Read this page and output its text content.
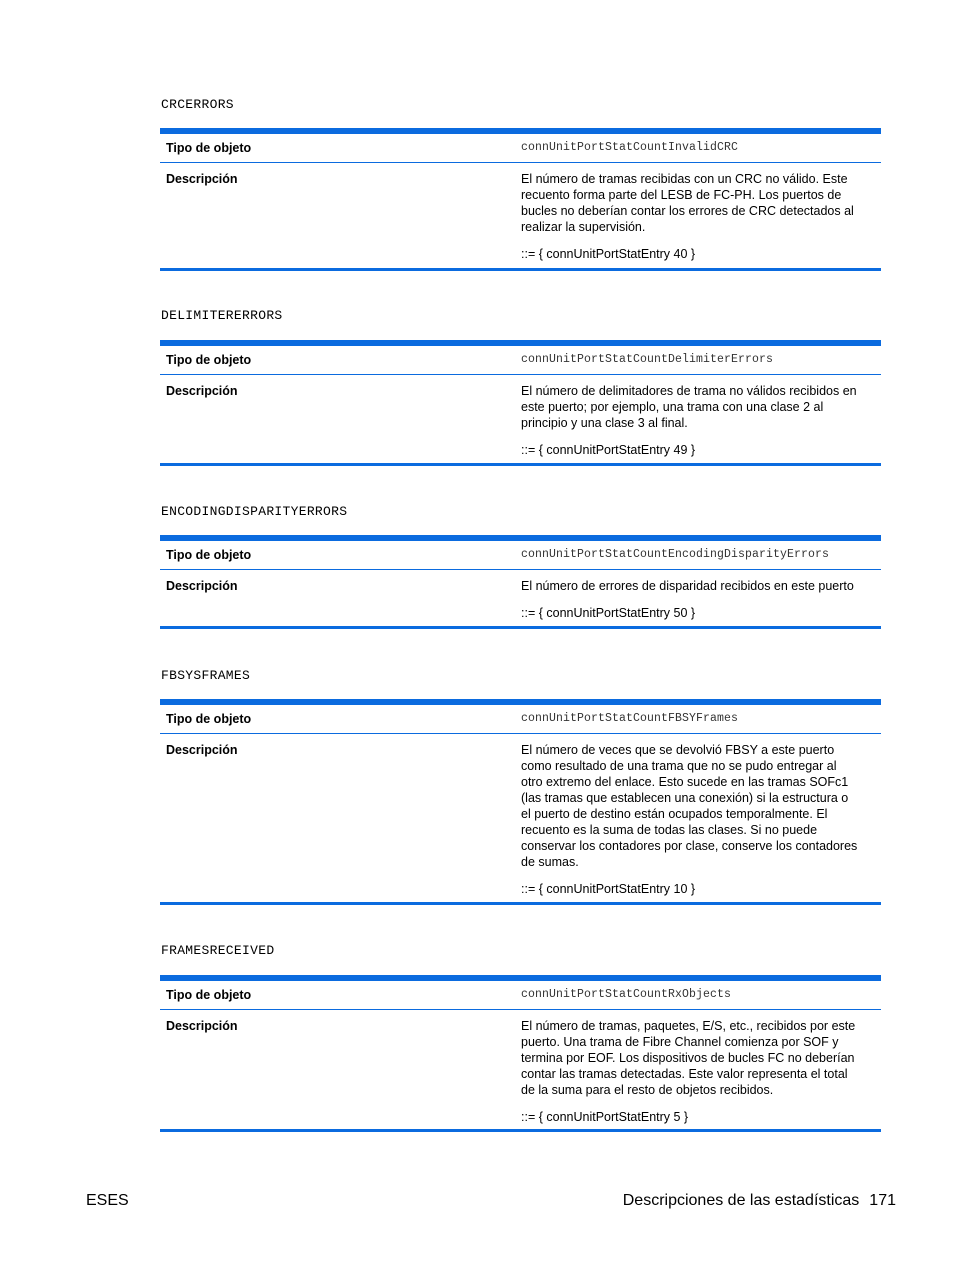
CRCERRORS
Tipo de objeto	connUnitPortStatCountInvalidCRC
Descripción	El número de tramas recibidas con un CRC no válido. Este
recuento forma parte del LESB de FC-PH. Los puertos de
bucles no deberían contar los errores de CRC detectados al
realizar la supervisión.

::= { connUnitPortStatEntry 40 }

DELIMITERERRORS
Tipo de objeto	connUnitPortStatCountDelimiterErrors
Descripción	El número de delimitadores de trama no válidos recibidos en
este puerto; por ejemplo, una trama con una clase 2 al
principio y una clase 3 al final.

::= { connUnitPortStatEntry 49 }

ENCODINGDISPARITYERRORS
Tipo de objeto	connUnitPortStatCountEncodingDisparityErrors
Descripción	El número de errores de disparidad recibidos en este puerto

::= { connUnitPortStatEntry 50 }

FBSYSFRAMES
Tipo de objeto	connUnitPortStatCountFBSYFrames
Descripción	El número de veces que se devolvió FBSY a este puerto
como resultado de una trama que no se pudo entregar al
otro extremo del enlace. Esto sucede en las tramas SOFc1
(las tramas que establecen una conexión) si la estructura o
el puerto de destino están ocupados temporalmente. El
recuento es la suma de todas las clases. Si no puede
conservar los contadores por clase, conserve los contadores
de sumas.

::= { connUnitPortStatEntry 10 }

FRAMESRECEIVED
Tipo de objeto	connUnitPortStatCountRxObjects
Descripción	El número de tramas, paquetes, E/S, etc., recibidos por este
puerto. Una trama de Fibre Channel comienza por SOF y
termina por EOF. Los dispositivos de bucles FC no deberían
contar las tramas detectadas. Este valor representa el total
de la suma para el resto de objetos recibidos.

::= { connUnitPortStatEntry 5 }

ESES	Descripciones de las estadísticas 171
